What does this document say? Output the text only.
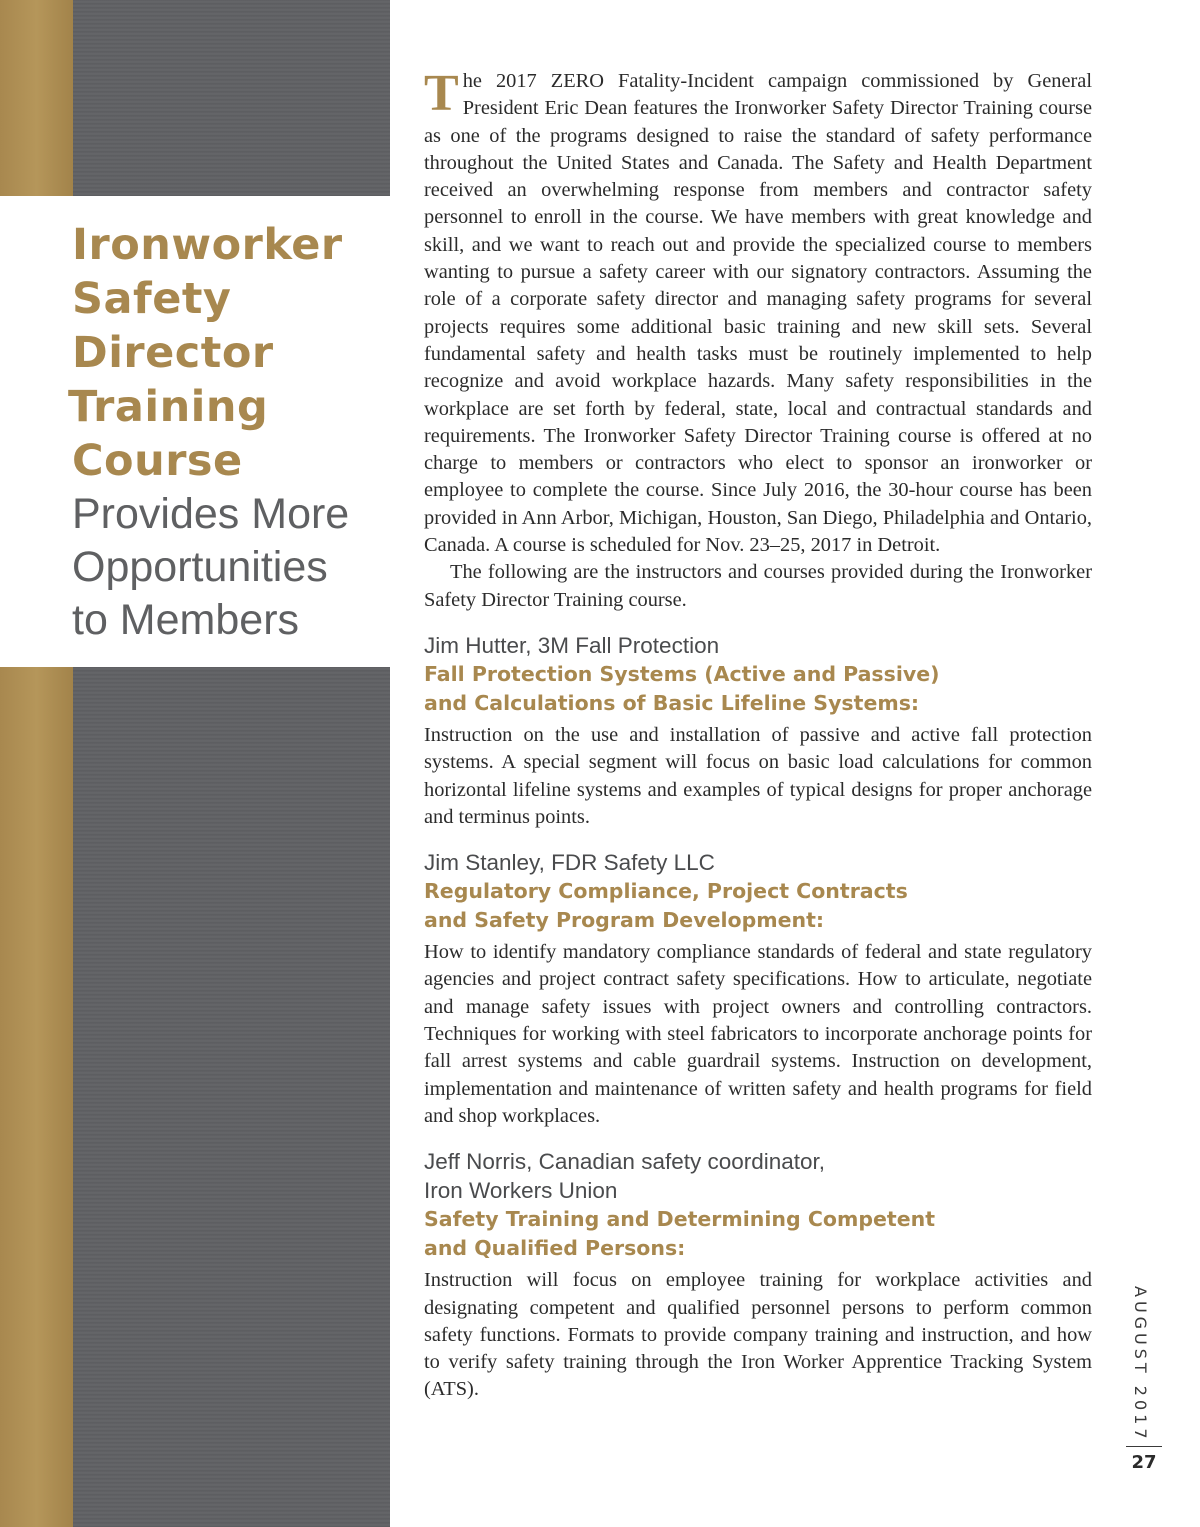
Ironworker

Safety

Director

Training

Course

Provides More

Opportunities

to Members

The 2017 ZERO Fatality-Incident campaign commissioned by General President Eric Dean features the Ironworker Safety Director Training course as one of the programs designed to raise the standard of safety performance throughout the United States and Canada. The Safety and Health Department received an overwhelming response from members and contractor safety personnel to enroll in the course. We have members with great knowledge and skill, and we want to reach out and provide the specialized course to members wanting to pursue a safety career with our signatory contractors. Assuming the role of a corporate safety director and managing safety programs for several projects requires some additional basic training and new skill sets. Several fundamental safety and health tasks must be routinely implemented to help recognize and avoid workplace hazards. Many safety responsibilities in the workplace are set forth by federal, state, local and contractual standards and requirements. The Ironworker Safety Director Training course is offered at no charge to members or contractors who elect to sponsor an ironworker or employee to complete the course. Since July 2016, the 30-hour course has been provided in Ann Arbor, Michigan, Houston, San Diego, Philadelphia and Ontario, Canada. A course is scheduled for Nov. 23–25, 2017 in Detroit.

The following are the instructors and courses provided during the Ironworker Safety Director Training course.

Jim Hutter, 3M Fall Protection

Fall Protection Systems (Active and Passive)

and Calculations of Basic Lifeline Systems:

Instruction on the use and installation of passive and active fall protection systems. A special segment will focus on basic load calculations for common horizontal lifeline systems and examples of typical designs for proper anchorage and terminus points.

Jim Stanley, FDR Safety LLC

Regulatory Compliance, Project Contracts

and Safety Program Development:

How to identify mandatory compliance standards of federal and state regulatory agencies and project contract safety specifications. How to articulate, negotiate and manage safety issues with project owners and controlling contractors. Techniques for working with steel fabricators to incorporate anchorage points for fall arrest systems and cable guardrail systems. Instruction on development, implementation and maintenance of written safety and health programs for field and shop workplaces.

Jeff Norris, Canadian safety coordinator,

Iron Workers Union

Safety Training and Determining Competent

and Qualified Persons:

Instruction will focus on employee training for workplace activities and designating competent and qualified personnel persons to perform common safety functions. Formats to provide company training and instruction, and how to verify safety training through the Iron Worker Apprentice Tracking System (ATS).	AUGUST 2017
27
